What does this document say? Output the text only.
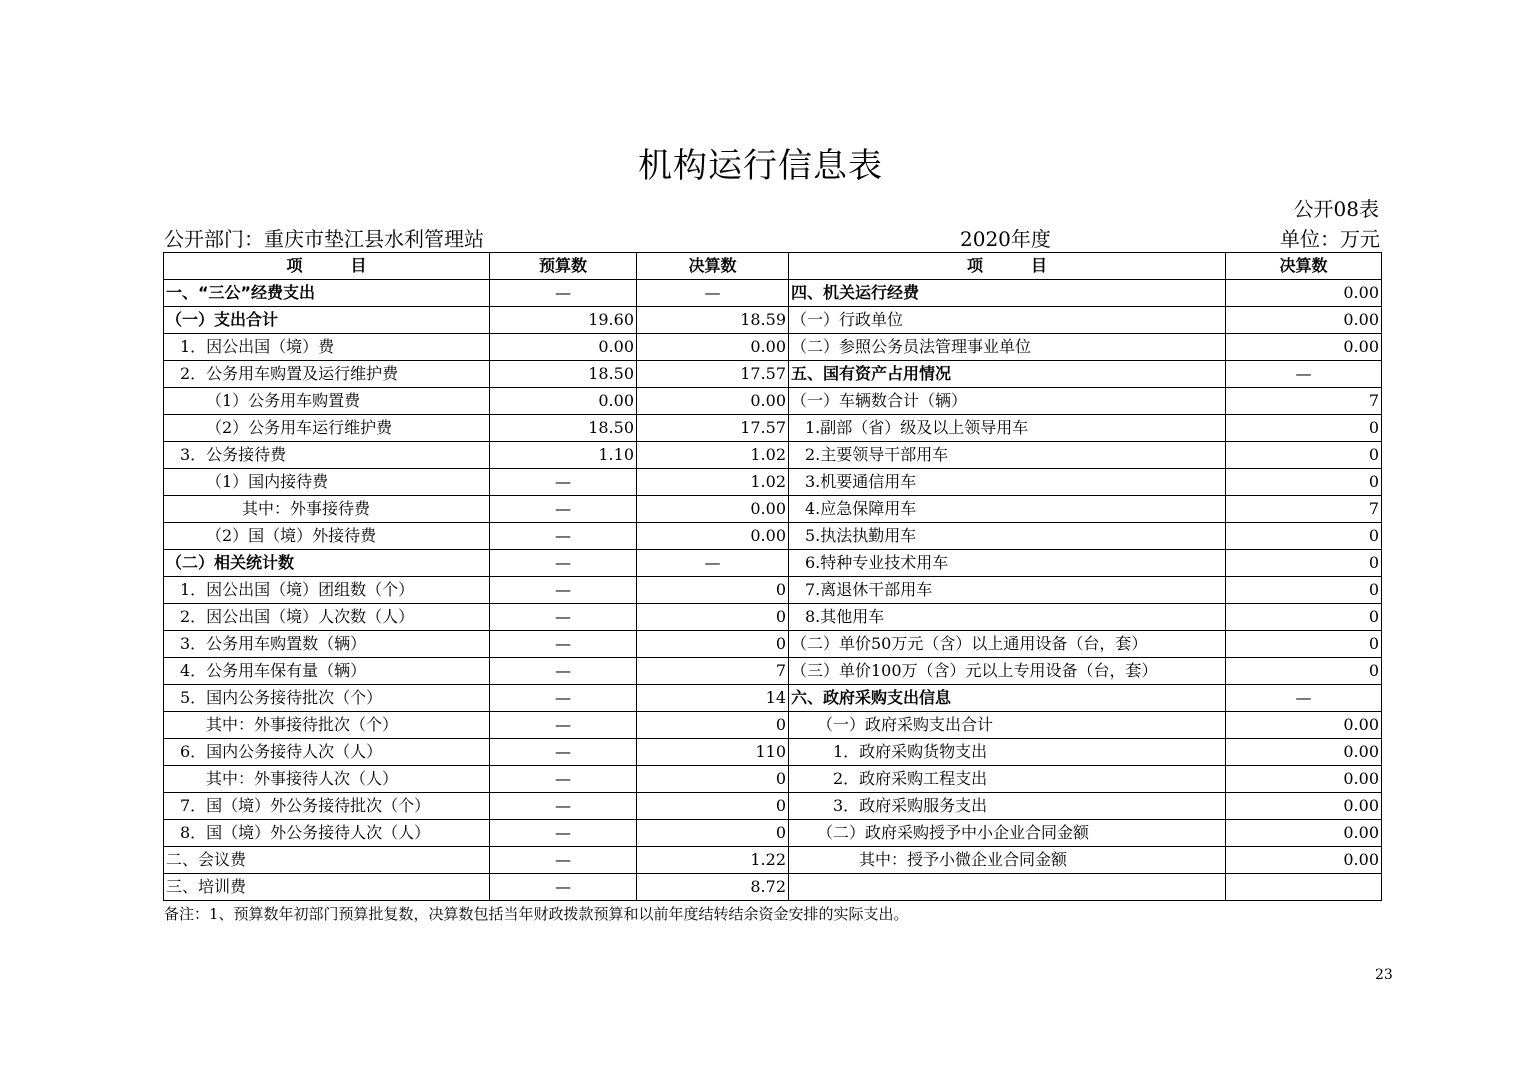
机构运行信息表
公开08表
公开部门：重庆市垫江县水利管理站	2020年度	单位：万元
项　　　目	预算数	决算数	项　　　目	决算数
一、“三公”经费支出	—	—	四、机关运行经费	0.00
（一）支出合计	19.60	18.59	（一）行政单位	0.00
1．因公出国（境）费	0.00	0.00	（二）参照公务员法管理事业单位	0.00
2．公务用车购置及运行维护费	18.50	17.57	五、国有资产占用情况	—
（1）公务用车购置费	0.00	0.00	（一）车辆数合计（辆）	7
（2）公务用车运行维护费	18.50	17.57	1.副部（省）级及以上领导用车	0
3．公务接待费	1.10	1.02	2.主要领导干部用车	0
（1）国内接待费	—	1.02	3.机要通信用车	0
其中：外事接待费	—	0.00	4.应急保障用车	7
（2）国（境）外接待费	—	0.00	5.执法执勤用车	0
（二）相关统计数	—	—	6.特种专业技术用车	0
1．因公出国（境）团组数（个）	—	0	7.离退休干部用车	0
2．因公出国（境）人次数（人）	—	0	8.其他用车	0
3．公务用车购置数（辆）	—	0	（二）单价50万元（含）以上通用设备（台，套）	0
4．公务用车保有量（辆）	—	7	（三）单价100万（含）元以上专用设备（台，套）	0
5．国内公务接待批次（个）	—	14	六、政府采购支出信息	—
其中：外事接待批次（个）	—	0	（一）政府采购支出合计	0.00
6．国内公务接待人次（人）	—	110	1．政府采购货物支出	0.00
其中：外事接待人次（人）	—	0	2．政府采购工程支出	0.00
7．国（境）外公务接待批次（个）	—	0	3．政府采购服务支出	0.00
8．国（境）外公务接待人次（人）	—	0	（二）政府采购授予中小企业合同金额	0.00
二、会议费	—	1.22	其中：授予小微企业合同金额	0.00
三、培训费	—	8.72		
备注：1、预算数年初部门预算批复数，决算数包括当年财政拨款预算和以前年度结转结余资金安排的实际支出。
23
